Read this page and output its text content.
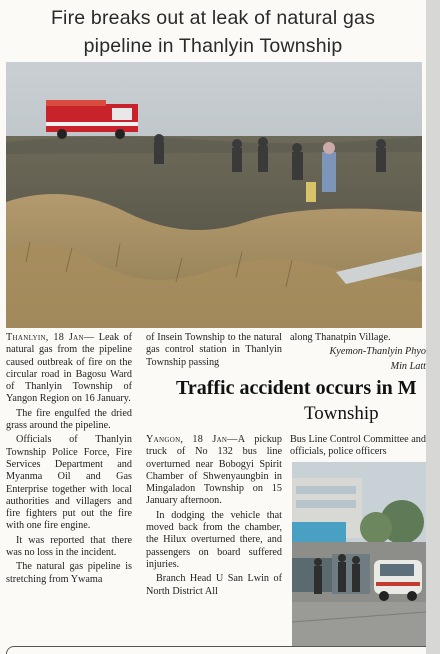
Fire breaks out at leak of natural gas
pipeline in Thanlyin Township

Thanlyin, 18 Jan— Leak of natural gas from the pipeline caused outbreak of fire on the circular road in Bagosu Ward of Thanlyin Township of Yangon Region on 16 January.

The fire engulfed the dried grass around the pipeline.

Officials of Thanlyin Township Police Force, Fire Services Department and Myanma Oil and Gas Enterprise together with local authorities and villagers and fire fighters put out the fire with one fire engine.

It was reported that there was no loss in the incident.

The natural gas pipeline is stretching from Ywama

of Insein Township to the natural gas control station in Thanlyin Township passing

along Thanatpin Village.

Kyemon-Thanlyin Phyo

Min Latt

Traffic accident occurs in M
Township

Yangon, 18 Jan—A pickup truck of No 132 bus line overturned near Bobogyi Spirit Chamber of Shwenyaungbin in Mingaladon Township on 15 January afternoon.

In dodging the vehicle that moved back from the chamber, the Hilux overturned there, and passengers on board suffered injuries.

Branch Head U San Lwin of North District All

Bus Line Control Committee and officials, police officers
